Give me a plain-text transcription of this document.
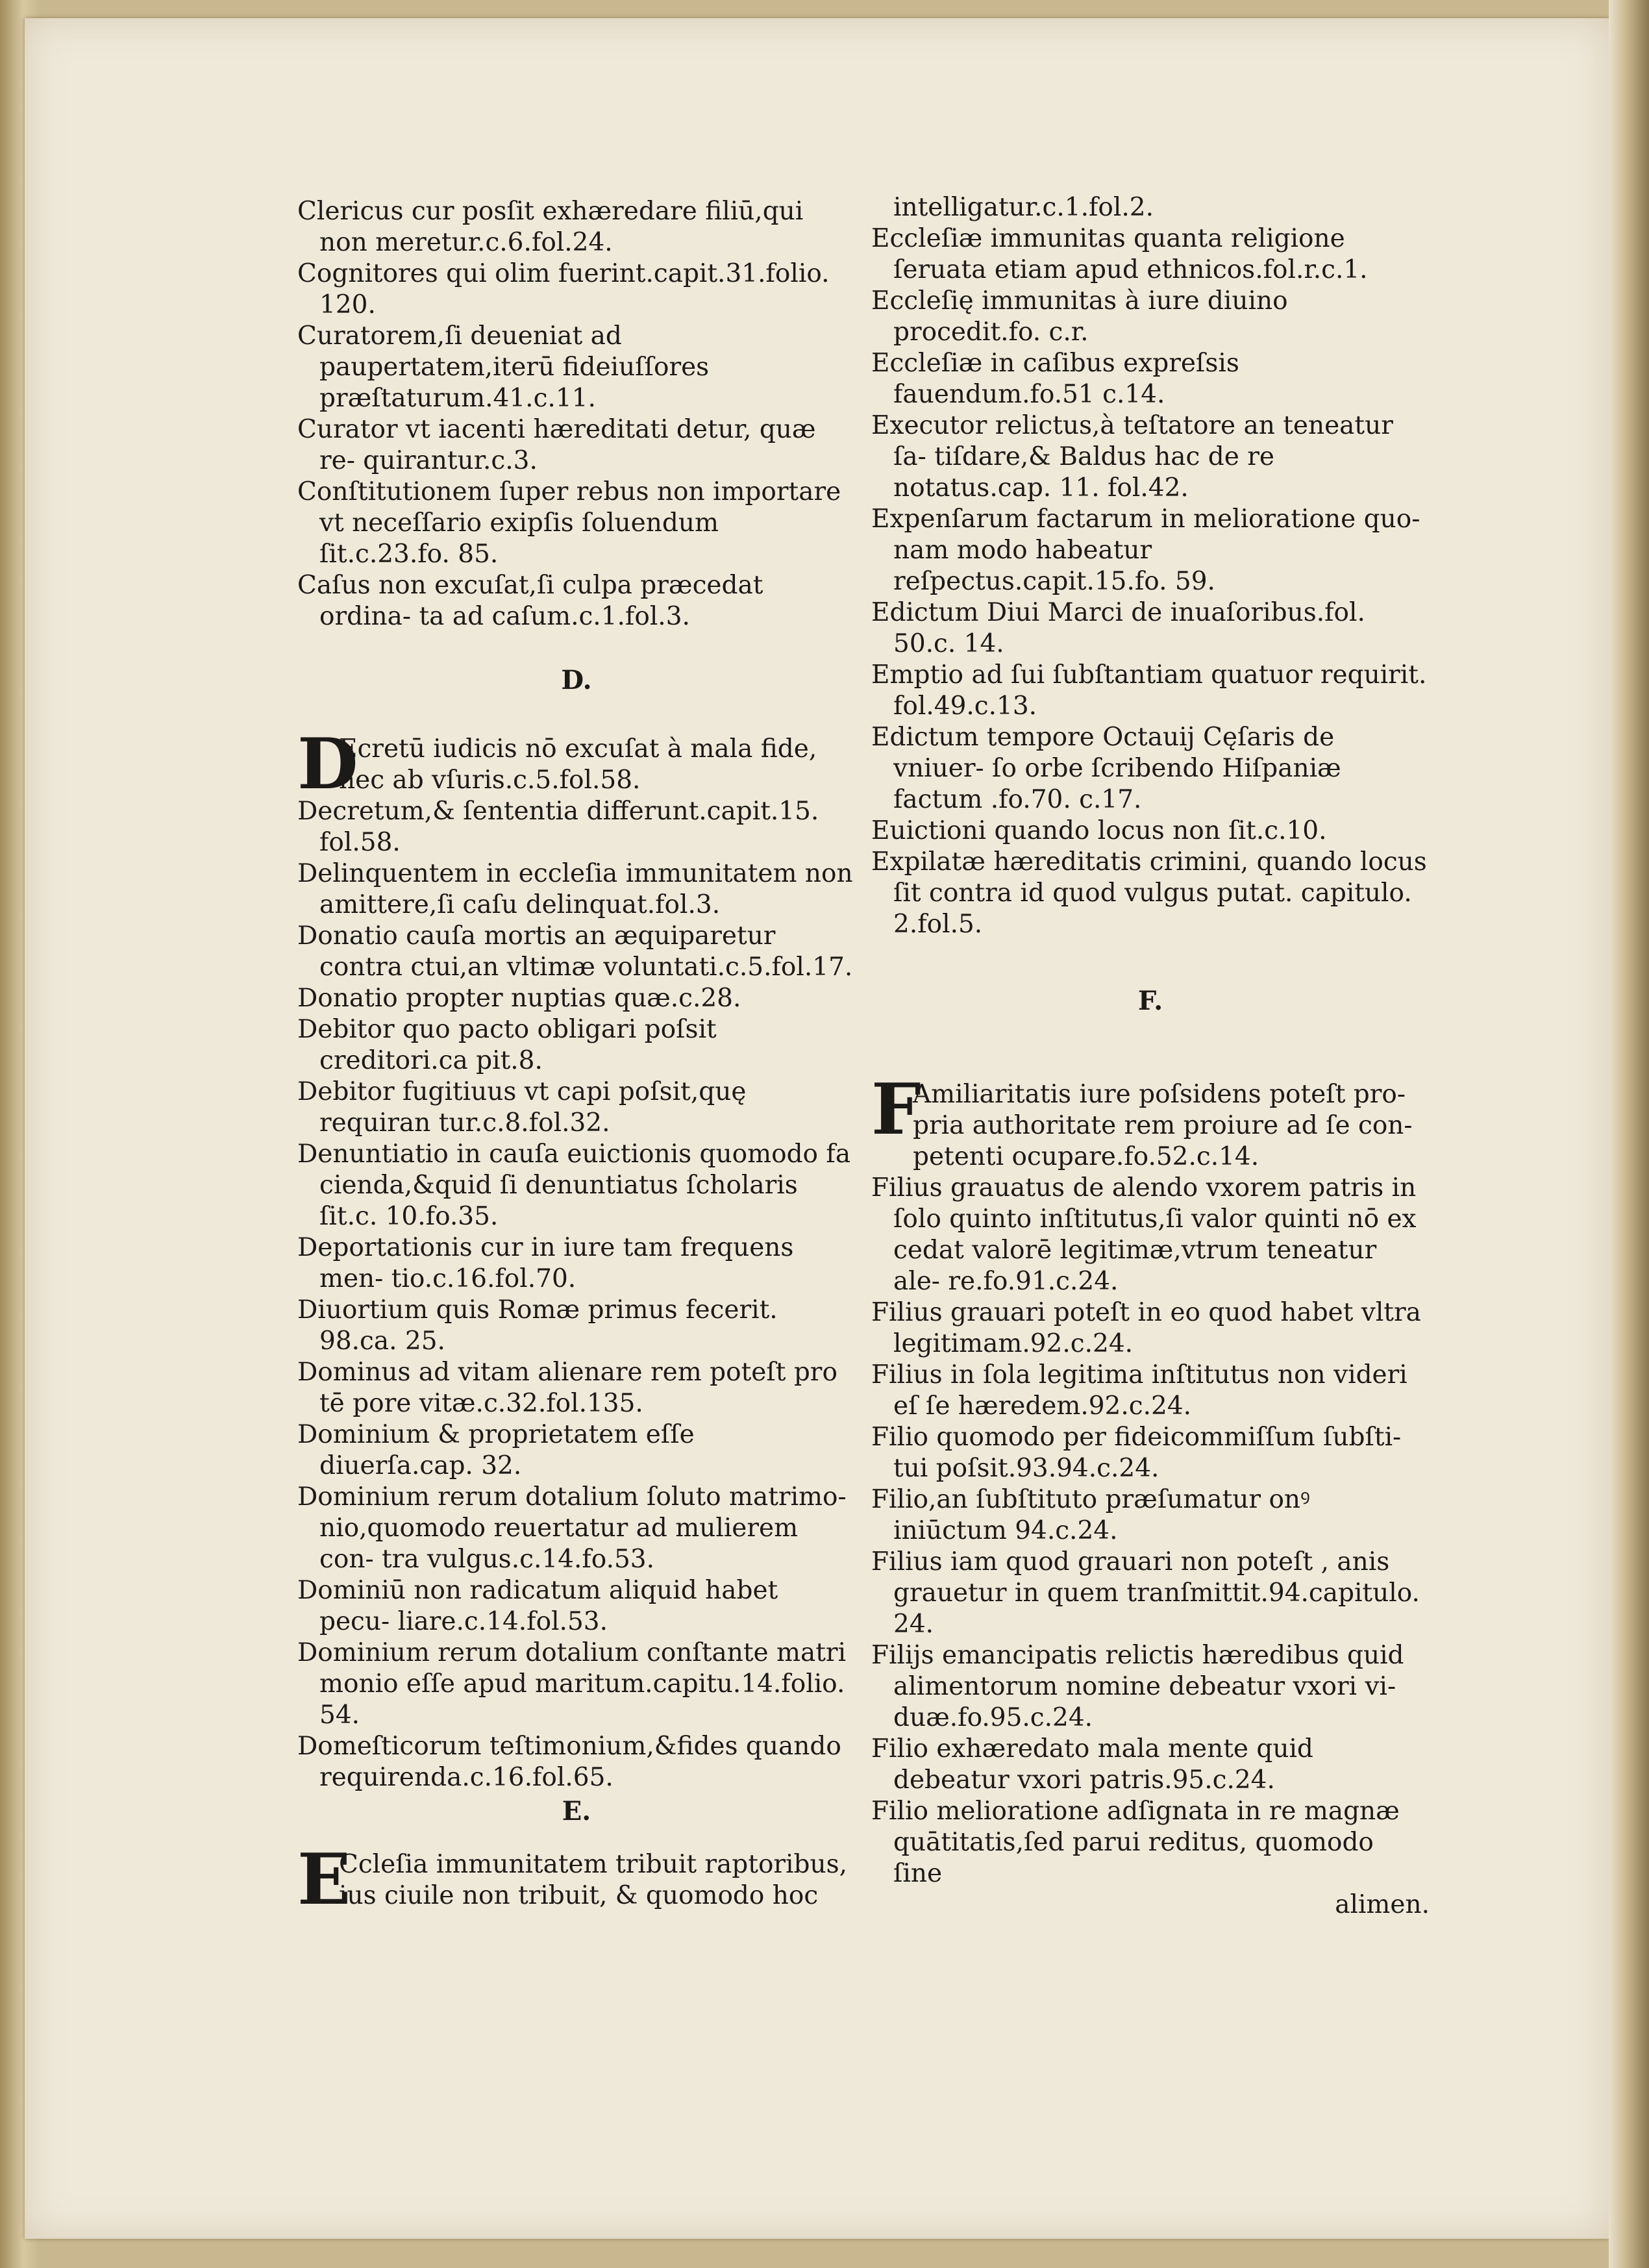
Clericus cur posſit exhæredare filiū,qui non meretur.c.6.fol.24.

Cognitores qui olim fuerint.capit.31.folio. 120.

Curatorem,ſi deueniat ad paupertatem,iterū fideiuſſores præſtaturum.41.c.11.

Curator vt iacenti hæreditati detur, quæ re- quirantur.c.3.

Conſtitutionem ſuper rebus non importare vt neceſſario exipſis ſoluendum ſit.c.23.fo. 85.

Caſus non excuſat,ſi culpa præcedat ordina- ta ad caſum.c.1.fol.3.

D.
D
Ecretū iudicis nō excuſat à mala fide, nec ab vſuris.c.5.fol.58.

Decretum,& ſententia differunt.capit.15. fol.58.

Delinquentem in eccleſia immunitatem non amittere,ſi caſu delinquat.fol.3.

Donatio cauſa mortis an æquiparetur contra ctui,an vltimæ voluntati.c.5.fol.17.

Donatio propter nuptias quæ.c.28.

Debitor quo pacto obligari poſsit creditori.ca pit.8.

Debitor fugitiuus vt capi poſsit,quę requiran tur.c.8.fol.32.

Denuntiatio in cauſa euictionis quomodo fa cienda,&quid ſi denuntiatus ſcholaris ſit.c. 10.fo.35.

Deportationis cur in iure tam frequens men- tio.c.16.fol.70.

Diuortium quis Romæ primus fecerit. 98.ca. 25.

Dominus ad vitam alienare rem poteſt pro tē pore vitæ.c.32.fol.135.

Dominium & proprietatem eſſe diuerſa.cap. 32.

Dominium rerum dotalium ſoluto matrimo- nio,quomodo reuertatur ad mulierem con- tra vulgus.c.14.fo.53.

Dominiū non radicatum aliquid habet pecu- liare.c.14.fol.53.

Dominium rerum dotalium conſtante matri monio eſſe apud maritum.capitu.14.folio. 54.

Domeſticorum teſtimonium,&fides quando requirenda.c.16.fol.65.

E.
E
Ccleſia immunitatem tribuit raptoribus, ius ciuile non tribuit, & quomodo hoc

intelligatur.c.1.fol.2.

Eccleſiæ immunitas quanta religione ſeruata etiam apud ethnicos.fol.r.c.1.

Eccleſię immunitas à iure diuino procedit.fo. c.r.

Eccleſiæ in caſibus expreſsis fauendum.fo.51 c.14.

Executor relictus,à teſtatore an teneatur ſa- tiſdare,& Baldus hac de re notatus.cap. 11. fol.42.

Expenſarum factarum in melioratione quo- nam modo habeatur reſpectus.capit.15.fo. 59.

Edictum Diui Marci de inuaſoribus.fol. 50.c. 14.

Emptio ad ſui ſubſtantiam quatuor requirit. fol.49.c.13.

Edictum tempore Octauij Cęſaris de vniuer- ſo orbe ſcribendo Hiſpaniæ factum .fo.70. c.17.

Euictioni quando locus non ſit.c.10.

Expilatæ hæreditatis crimini, quando locus ſit contra id quod vulgus putat. capitulo. 2.fol.5.

F.
F
Amiliaritatis iure poſsidens poteſt pro- pria authoritate rem proiure ad ſe con- petenti ocupare.fo.52.c.14.

Filius grauatus de alendo vxorem patris in ſolo quinto inſtitutus,ſi valor quinti nō ex cedat valorē legitimæ,vtrum teneatur ale- re.fo.91.c.24.

Filius grauari poteſt in eo quod habet vltra legitimam.92.c.24.

Filius in ſola legitima inſtitutus non videri eſ ſe hæredem.92.c.24.

Filio quomodo per fideicommiſſum ſubſti- tui poſsit.93.94.c.24.

Filio,an ſubſtituto præſumatur onꝰ iniūctum 94.c.24.

Filius iam quod grauari non poteſt , anis grauetur in quem tranſmittit.94.capitulo. 24.

Filijs emancipatis relictis hæredibus quid alimentorum nomine debeatur vxori vi- duæ.fo.95.c.24.

Filio exhæredato mala mente quid debeatur vxori patris.95.c.24.

Filio melioratione adſignata in re magnæ quātitatis,ſed parui reditus, quomodo ſine

alimen.
